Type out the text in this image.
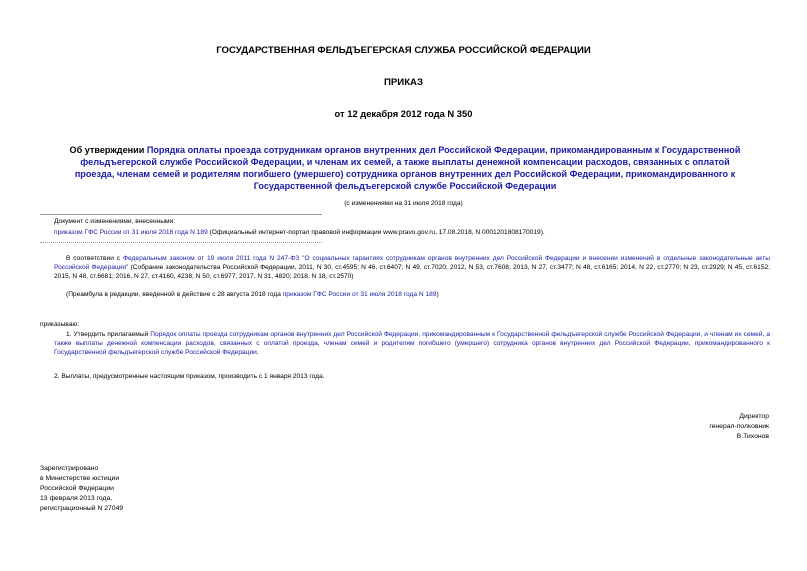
ГОСУДАРСТВЕННАЯ ФЕЛЬДЪЕГЕРСКАЯ СЛУЖБА РОССИЙСКОЙ ФЕДЕРАЦИИ
ПРИКАЗ
от 12 декабря 2012 года N 350
Об утверждении Порядка оплаты проезда сотрудникам органов внутренних дел Российской Федерации, прикомандированным к Государственной фельдъегерской службе Российской Федерации, и членам их семей, а также выплаты денежной компенсации расходов, связанных с оплатой проезда, членам семей и родителям погибшего (умершего) сотрудника органов внутренних дел Российской Федерации, прикомандированного к Государственной фельдъегерской службе Российской Федерации
(с изменениями на 31 июля 2018 года)
Документ с изменениями, внесенными:
приказом ГФС России от 31 июля 2018 года N 189 (Официальный интернет-портал правовой информации www.pravo.gov.ru, 17.08.2018, N 0001201808170019).
В соответствии с Федеральным законом от 19 июля 2011 года N 247-ФЗ "О социальных гарантиях сотрудникам органов внутренних дел Российской Федерации и внесении изменений в отдельные законодательные акты Российской Федерации" (Собрание законодательства Российской Федерации, 2011, N 30, ст.4595; N 46, ст.6407; N 49, ст.7020; 2012, N 53, ст.7608; 2013, N 27, ст.3477; N 48, ст.6165; 2014, N 22, ст.2770; N 23, ст.2929; N 45, ст.6152; 2015, N 48, ст.6681; 2016, N 27, ст.4160, 4238; N 50, ст.6977; 2017, N 31, 4820; 2018, N 18, ст.2570)
(Преамбула в редакции, введенной в действие с 28 августа 2018 года приказом ГФС России от 31 июля 2018 года N 189)
приказываю:
1. Утвердить прилагаемый Порядок оплаты проезда сотрудникам органов внутренних дел Российской Федерации, прикомандированным к Государственной фельдъегерской службе Российской Федерации, и членам их семей, а также выплаты денежной компенсации расходов, связанных с оплатой проезда, членам семей и родителям погибшего (умершего) сотрудника органов внутренних дел Российской Федерации, прикомандированного к Государственной фельдъегерской службе Российской Федерации.
2. Выплаты, предусмотренные настоящим приказом, производить с 1 января 2013 года.
Директор
генерал-полковник
В.Тихонов
Зарегистрировано
в Министерстве юстиции
Российской Федерации
13 февраля 2013 года,
регистрационный N 27049
